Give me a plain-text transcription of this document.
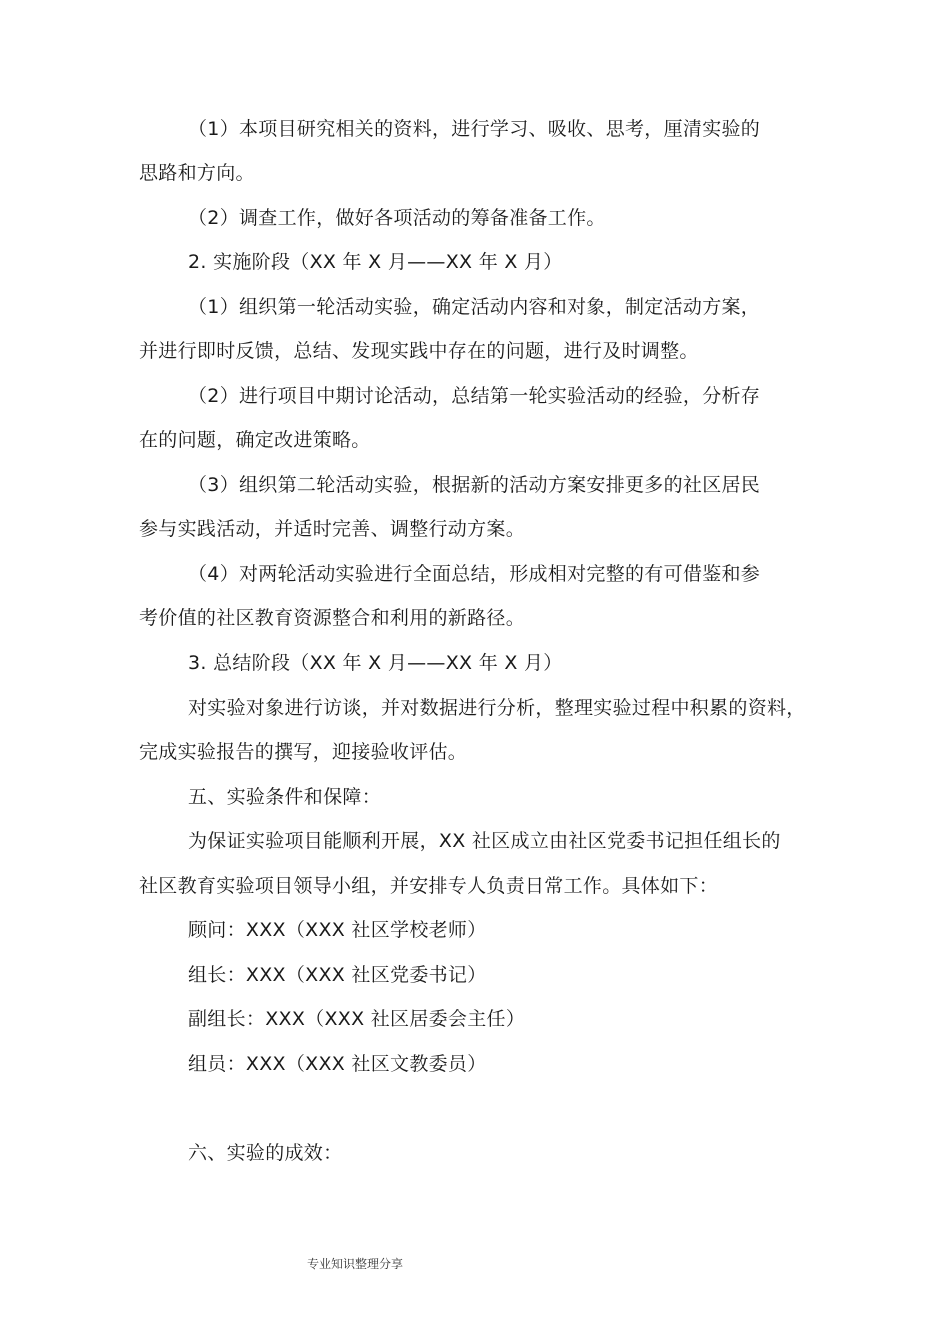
（1）本项目研究相关的资料，进行学习、吸收、思考，厘清实验的
思路和方向。
（2）调查工作，做好各项活动的筹备准备工作。
2. 实施阶段（XX 年 X 月——XX 年 X 月）
（1）组织第一轮活动实验，确定活动内容和对象，制定活动方案，
并进行即时反馈，总结、发现实践中存在的问题，进行及时调整。
（2）进行项目中期讨论活动，总结第一轮实验活动的经验，分析存
在的问题，确定改进策略。
（3）组织第二轮活动实验，根据新的活动方案安排更多的社区居民
参与实践活动，并适时完善、调整行动方案。
（4）对两轮活动实验进行全面总结，形成相对完整的有可借鉴和参
考价值的社区教育资源整合和利用的新路径。
3. 总结阶段（XX 年 X 月——XX 年 X 月）
对实验对象进行访谈，并对数据进行分析，整理实验过程中积累的资料，
完成实验报告的撰写，迎接验收评估。
五、实验条件和保障：
为保证实验项目能顺利开展，XX 社区成立由社区党委书记担任组长的
社区教育实验项目领导小组，并安排专人负责日常工作。具体如下：
顾问：XXX（XXX 社区学校老师）
组长：XXX（XXX 社区党委书记）
副组长：XXX（XXX 社区居委会主任）
组员：XXX（XXX 社区文教委员）
六、实验的成效：
专业知识整理分享
